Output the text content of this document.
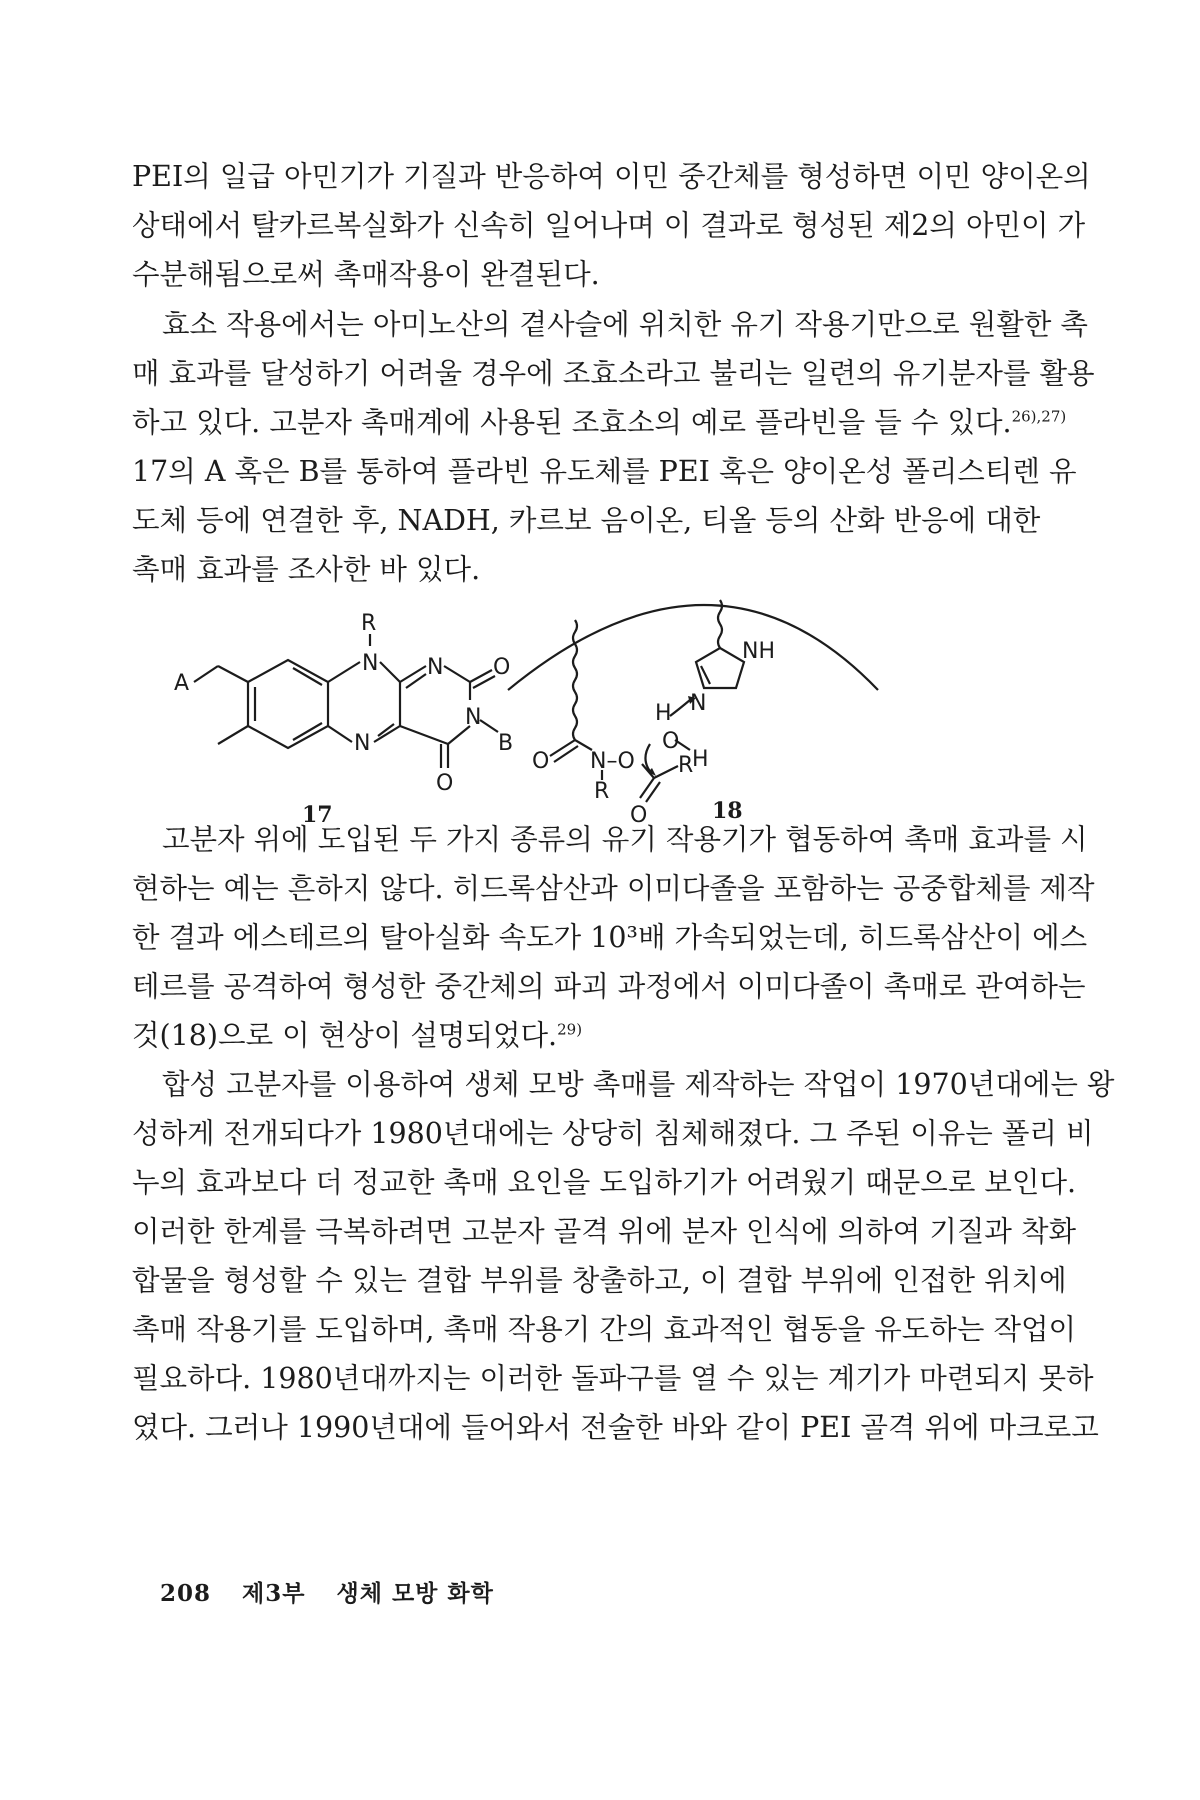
PEI의 일급 아민기가 기질과 반응하여 이민 중간체를 형성하면 이민 양이온의
상태에서 탈카르복실화가 신속히 일어나며 이 결과로 형성된 제2의 아민이 가
수분해됨으로써 촉매작용이 완결된다.

효소 작용에서는 아미노산의 곁사슬에 위치한 유기 작용기만으로 원활한 촉
매 효과를 달성하기 어려울 경우에 조효소라고 불리는 일련의 유기분자를 활용
하고 있다. 고분자 촉매계에 사용된 조효소의 예로 플라빈을 들 수 있다.$^{26),27)}$
17의 A 혹은 B를 통하여 플라빈 유도체를 PEI 혹은 양이온성 폴리스티렌 유
도체 등에 연결한 후, NADH, 카르보 음이온, 티올 등의 산화 반응에 대한
촉매 효과를 조사한 바 있다.

R
N N O
N
B
N
O
A
17
NH
N
H
O N–O
O
H
R
R
O	18

고분자 위에 도입된 두 가지 종류의 유기 작용기가 협동하여 촉매 효과를 시
현하는 예는 흔하지 않다. 히드록삼산과 이미다졸을 포함하는 공중합체를 제작
한 결과 에스테르의 탈아실화 속도가 10³배 가속되었는데, 히드록삼산이 에스
테르를 공격하여 형성한 중간체의 파괴 과정에서 이미다졸이 촉매로 관여하는
것(18)으로 이 현상이 설명되었다.$^{29)}$

합성 고분자를 이용하여 생체 모방 촉매를 제작하는 작업이 1970년대에는 왕
성하게 전개되다가 1980년대에는 상당히 침체해졌다. 그 주된 이유는 폴리 비
누의 효과보다 더 정교한 촉매 요인을 도입하기가 어려웠기 때문으로 보인다.
이러한 한계를 극복하려면 고분자 골격 위에 분자 인식에 의하여 기질과 착화
합물을 형성할 수 있는 결합 부위를 창출하고, 이 결합 부위에 인접한 위치에
촉매 작용기를 도입하며, 촉매 작용기 간의 효과적인 협동을 유도하는 작업이
필요하다. 1980년대까지는 이러한 돌파구를 열 수 있는 계기가 마련되지 못하
였다. 그러나 1990년대에 들어와서 전술한 바와 같이 PEI 골격 위에 마크로고

208 제3부 생체 모방 화학
